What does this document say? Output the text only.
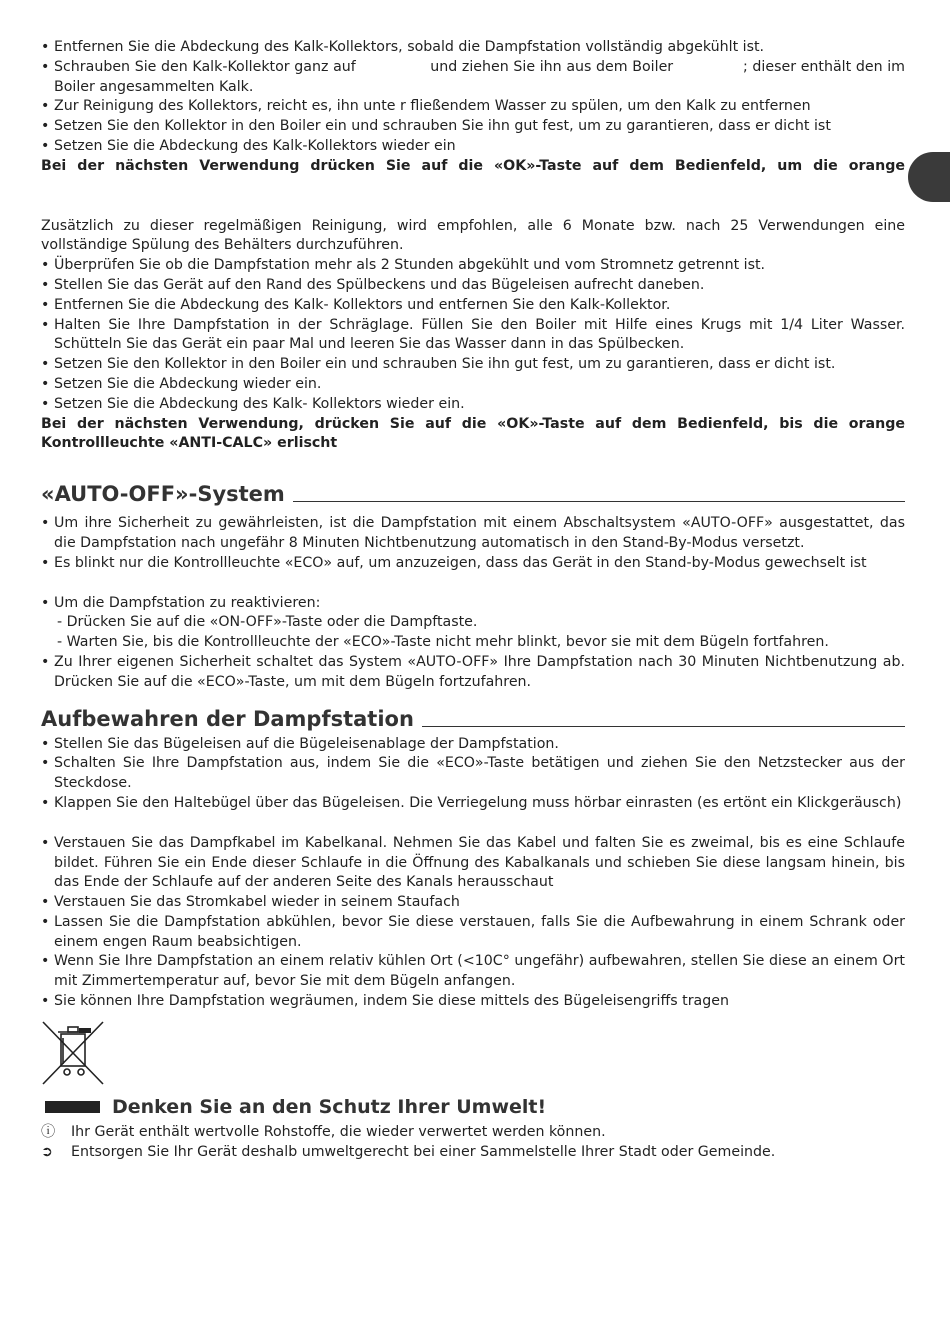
• Entfernen Sie die Abdeckung des Kalk-Kollektors, sobald die Dampfstation vollständig abgekühlt ist.
• Schrauben Sie den Kalk-Kollektor ganz auf                und ziehen Sie ihn aus dem Boiler               ; dieser enthält den im Boiler angesammelten Kalk.
• Zur Reinigung des Kollektors, reicht es, ihn unte r fließendem Wasser zu spülen, um den Kalk zu entfernen
• Setzen Sie den Kollektor in den Boiler ein und schrauben Sie ihn gut fest, um zu garantieren, dass er dicht ist
• Setzen Sie die Abdeckung des Kalk-Kollektors wieder ein

Bei der nächsten Verwendung drücken Sie auf die «OK»-Taste auf dem Bedienfeld, um die orange

Zusätzlich zu dieser regelmäßigen Reinigung, wird empfohlen, alle 6 Monate bzw. nach 25 Verwendungen eine vollständige Spülung des Behälters durchzuführen.

• Überprüfen Sie ob die Dampfstation mehr als 2 Stunden abgekühlt und vom Stromnetz getrennt ist.
• Stellen Sie das Gerät auf den Rand des Spülbeckens und das Bügeleisen aufrecht daneben.
• Entfernen Sie die Abdeckung des Kalk- Kollektors und entfernen Sie den Kalk-Kollektor.
• Halten Sie Ihre Dampfstation in der Schräglage. Füllen Sie den Boiler mit Hilfe eines Krugs mit 1/4 Liter Wasser. Schütteln Sie das Gerät ein paar Mal und leeren Sie das Wasser dann in das Spülbecken.
• Setzen Sie den Kollektor in den Boiler ein und schrauben Sie ihn gut fest, um zu garantieren, dass er dicht ist.
• Setzen Sie die Abdeckung wieder ein.
• Setzen Sie die Abdeckung des Kalk- Kollektors wieder ein.

Bei der nächsten Verwendung, drücken Sie auf die «OK»-Taste auf dem Bedienfeld, bis die orange Kontrollleuchte «ANTI-CALC» erlischt

«AUTO-OFF»-System
• Um ihre Sicherheit zu gewährleisten, ist die Dampfstation mit einem Abschaltsystem «AUTO-OFF» ausgestattet, das die Dampfstation nach ungefähr 8 Minuten Nichtbenutzung automatisch in den Stand-By-Modus versetzt.
• Es blinkt nur die Kontrollleuchte «ECO» auf, um anzuzeigen, dass das Gerät in den Stand-by-Modus gewechselt ist
• Um die Dampfstation zu reaktivieren:
- Drücken Sie auf die «ON-OFF»-Taste oder die Dampftaste.
- Warten Sie, bis die Kontrollleuchte der «ECO»-Taste nicht mehr blinkt, bevor sie mit dem Bügeln fortfahren.
• Zu Ihrer eigenen Sicherheit schaltet das System «AUTO-OFF» Ihre Dampfstation nach 30 Minuten Nichtbenutzung ab. Drücken Sie auf die «ECO»-Taste, um mit dem Bügeln fortzufahren.
Aufbewahren der Dampfstation
• Stellen Sie das Bügeleisen auf die Bügeleisenablage der Dampfstation.
• Schalten Sie Ihre Dampfstation aus, indem Sie die «ECO»-Taste betätigen und ziehen Sie den Netzstecker aus der Steckdose.
• Klappen Sie den Haltebügel über das Bügeleisen. Die Verriegelung muss hörbar einrasten (es ertönt ein Klickgeräusch)
• Verstauen Sie das Dampfkabel im Kabelkanal. Nehmen Sie das Kabel und falten Sie es zweimal, bis es eine Schlaufe bildet. Führen Sie ein Ende dieser Schlaufe in die Öffnung des Kabalkanals und schieben Sie diese langsam hinein, bis das Ende der Schlaufe auf der anderen Seite des Kanals herausschaut
• Verstauen Sie das Stromkabel wieder in seinem Staufach
• Lassen Sie die Dampfstation abkühlen, bevor Sie diese verstauen, falls Sie die Aufbewahrung in einem Schrank oder einem engen Raum beabsichtigen.
• Wenn Sie Ihre Dampfstation an einem relativ kühlen Ort (<10C° ungefähr) aufbewahren, stellen Sie diese an einem Ort mit Zimmertemperatur auf, bevor Sie mit dem Bügeln anfangen.
• Sie können Ihre Dampfstation wegräumen, indem Sie diese mittels des Bügeleisengriffs tragen
Denken Sie an den Schutz Ihrer Umwelt!
ⓘ Ihr Gerät enthält wertvolle Rohstoffe, die wieder verwertet werden können.
➲ Entsorgen Sie Ihr Gerät deshalb umweltgerecht bei einer Sammelstelle Ihrer Stadt oder Gemeinde.
